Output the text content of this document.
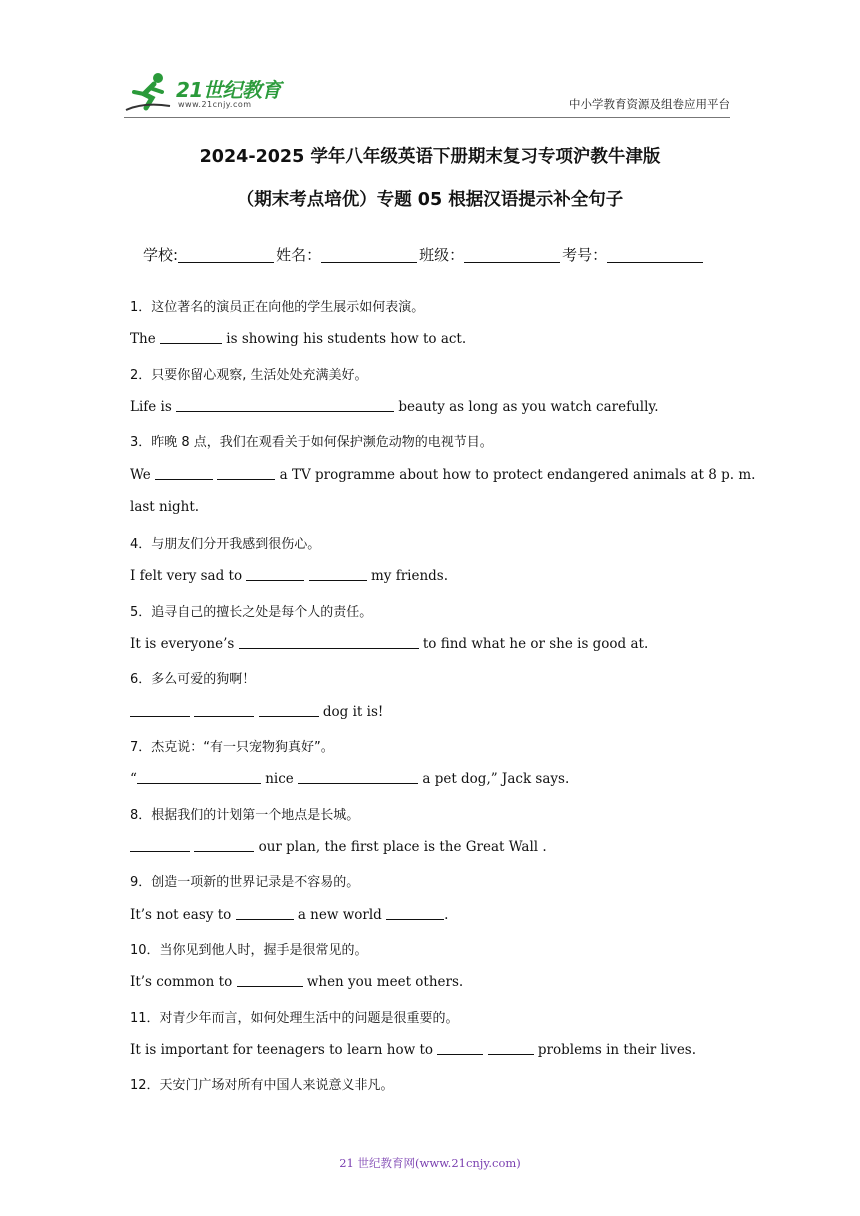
21世纪教育
www.21cnjy.com	中小学教育资源及组卷应用平台
2024-2025 学年八年级英语下册期末复习专项沪教牛津版
（期末考点培优）专题 05 根据汉语提示补全句子
学校:	姓名：	班级：	考号：
1．这位著名的演员正在向他的学生展示如何表演。
The	is showing his students how to act.
2．只要你留心观察, 生活处处充满美好。
Life is	beauty as long as you watch carefully.
3．昨晚 8 点，我们在观看关于如何保护濒危动物的电视节目。
We	a TV programme about how to protect endangered animals at 8 p. m.
last night.
4．与朋友们分开我感到很伤心。
I felt very sad to	my friends.
5．追寻自己的擅长之处是每个人的责任。
It is everyone’s	to find what he or she is good at.
6．多么可爱的狗啊！
dog it is!
7．杰克说：“有一只宠物狗真好”。
“	nice	a pet dog,” Jack says.
8．根据我们的计划第一个地点是长城。
our plan, the first place is the Great Wall .
9．创造一项新的世界记录是不容易的。
It’s not easy to	a new world	.
10．当你见到他人时，握手是很常见的。
It’s common to	when you meet others.
11．对青少年而言，如何处理生活中的问题是很重要的。
It is important for teenagers to learn how to	problems in their lives.
12．天安门广场对所有中国人来说意义非凡。
21 世纪教育网(www.21cnjy.com)
